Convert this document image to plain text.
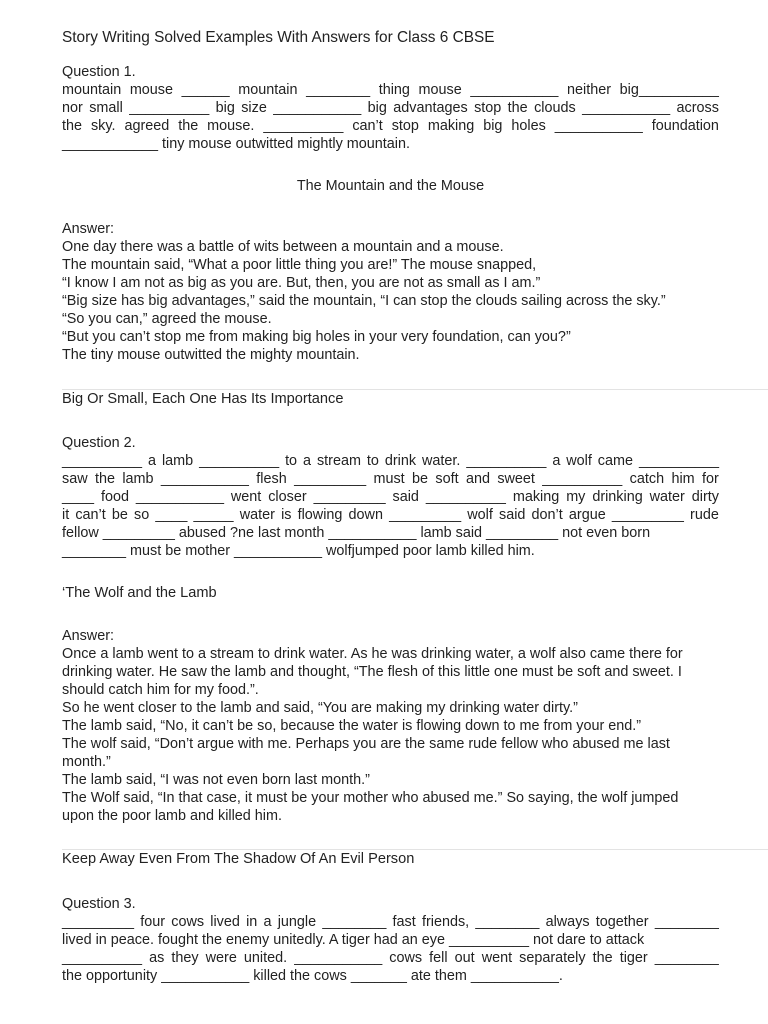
Story Writing Solved Examples With Answers for Class 6 CBSE
Question 1.
mountain mouse ______ mountain ________ thing mouse ___________ neither big__________
nor small __________ big size ___________ big advantages stop the clouds ___________ across
the sky. agreed the mouse. __________ can’t stop making big holes ___________ foundation
____________ tiny mouse outwitted mightly mountain.
The Mountain and the Mouse
Answer:
One day there was a battle of wits between a mountain and a mouse.
The mountain said, “What a poor little thing you are!” The mouse snapped,
“I know I am not as big as you are. But, then, you are not as small as I am.”
“Big size has big advantages,” said the mountain, “I can stop the clouds sailing across the sky.”
“So you can,” agreed the mouse.
“But you can’t stop me from making big holes in your very foundation, can you?”
The tiny mouse outwitted the mighty mountain.
Big Or Small, Each One Has Its Importance
Question 2.
__________ a lamb __________ to a stream to drink water. __________ a wolf came __________
saw the lamb ___________ flesh _________ must be soft and sweet __________ catch him for
____ food ___________ went closer _________ said __________ making my drinking water dirty
it can’t be so ____ _____ water is flowing down _________ wolf said don’t argue _________ rude
fellow _________ abused ?ne last month ___________ lamb said _________ not even born
________ must be mother ___________ wolfjumped poor lamb killed him.
‘The Wolf and the Lamb
Answer:
Once a lamb went to a stream to drink water. As he was drinking water, a wolf also came there for
drinking water. He saw the lamb and thought, “The flesh of this little one must be soft and sweet. I
should catch him for my food.”.
So he went closer to the lamb and said, “You are making my drinking water dirty.”
The lamb said, “No, it can’t be so, because the water is flowing down to me from your end.”
The wolf said, “Don’t argue with me. Perhaps you are the same rude fellow who abused me last
month.”
The lamb said, “I was not even born last month.”
The Wolf said, “In that case, it must be your mother who abused me.” So saying, the wolf jumped
upon the poor lamb and killed him.
Keep Away Even From The Shadow Of An Evil Person
Question 3.
_________ four cows lived in a jungle ________ fast friends, ________ always together ________
lived in peace. fought the enemy unitedly. A tiger had an eye __________ not dare to attack
__________ as they were united. ___________ cows fell out went separately the tiger ________
the opportunity ___________ killed the cows _______ ate them ___________.
